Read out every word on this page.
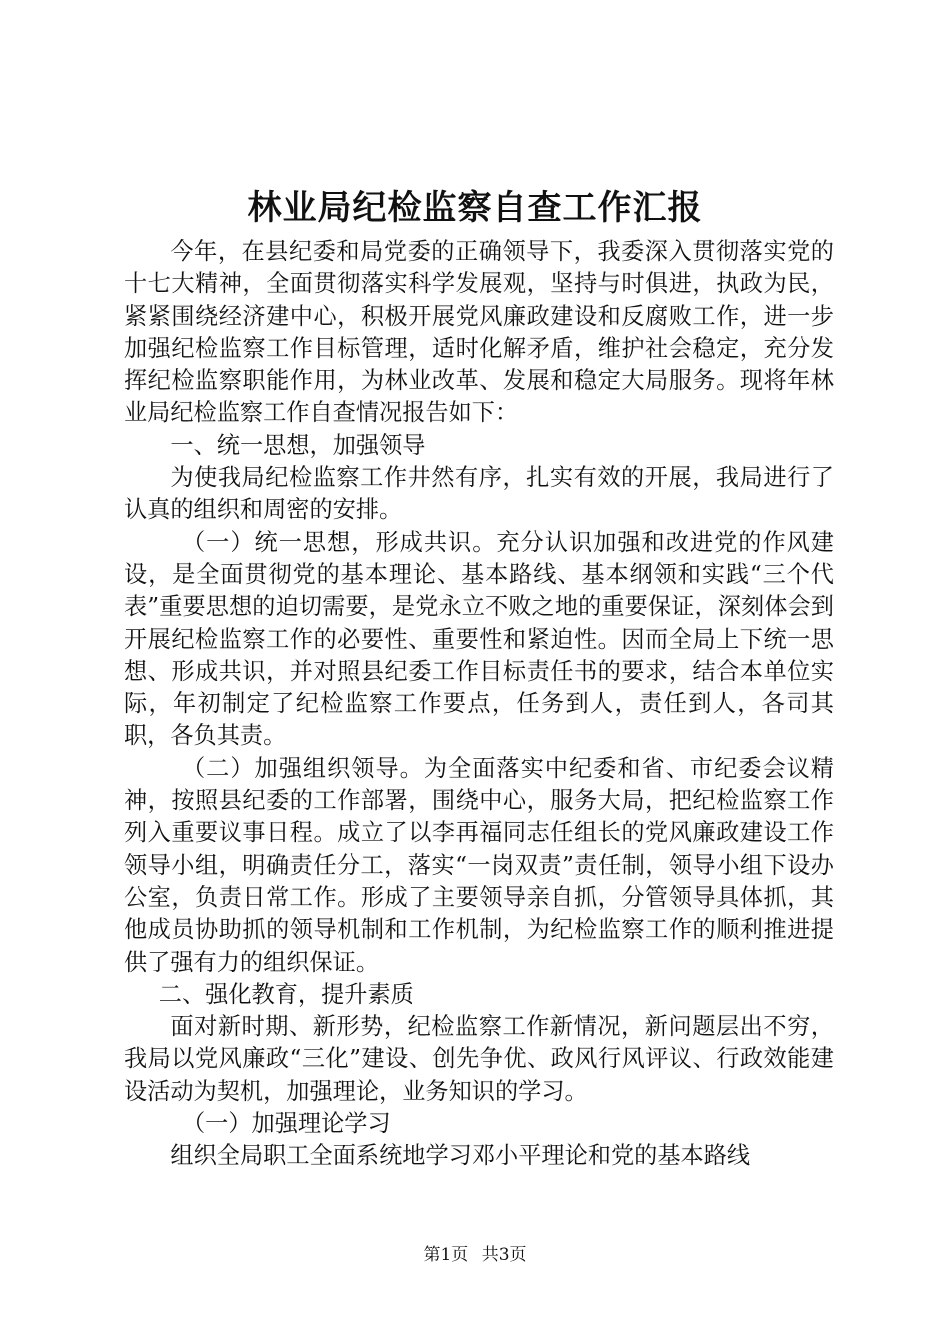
林业局纪检监察自查工作汇报

今年，在县纪委和局党委的正确领导下，我委深入贯彻落实党的十七大精神，全面贯彻落实科学发展观，坚持与时俱进，执政为民，紧紧围绕经济建中心，积极开展党风廉政建设和反腐败工作，进一步加强纪检监察工作目标管理，适时化解矛盾，维护社会稳定，充分发挥纪检监察职能作用，为林业改革、发展和稳定大局服务。现将年林业局纪检监察工作自查情况报告如下：

一、统一思想，加强领导

为使我局纪检监察工作井然有序，扎实有效的开展，我局进行了认真的组织和周密的安排。

（一）统一思想，形成共识。充分认识加强和改进党的作风建设，是全面贯彻党的基本理论、基本路线、基本纲领和实践“三个代表”重要思想的迫切需要，是党永立不败之地的重要保证，深刻体会到开展纪检监察工作的必要性、重要性和紧迫性。因而全局上下统一思想、形成共识，并对照县纪委工作目标责任书的要求，结合本单位实际，年初制定了纪检监察工作要点，任务到人，责任到人，各司其职，各负其责。

（二）加强组织领导。为全面落实中纪委和省、市纪委会议精神，按照县纪委的工作部署，围绕中心，服务大局，把纪检监察工作列入重要议事日程。成立了以李再福同志任组长的党风廉政建设工作领导小组，明确责任分工，落实“一岗双责”责任制，领导小组下设办公室，负责日常工作。形成了主要领导亲自抓，分管领导具体抓，其他成员协助抓的领导机制和工作机制，为纪检监察工作的顺利推进提供了强有力的组织保证。

二、强化教育，提升素质

面对新时期、新形势，纪检监察工作新情况，新问题层出不穷，我局以党风廉政“三化”建设、创先争优、政风行风评议、行政效能建设活动为契机，加强理论，业务知识的学习。

（一）加强理论学习

组织全局职工全面系统地学习邓小平理论和党的基本路线

第1页 共3页
